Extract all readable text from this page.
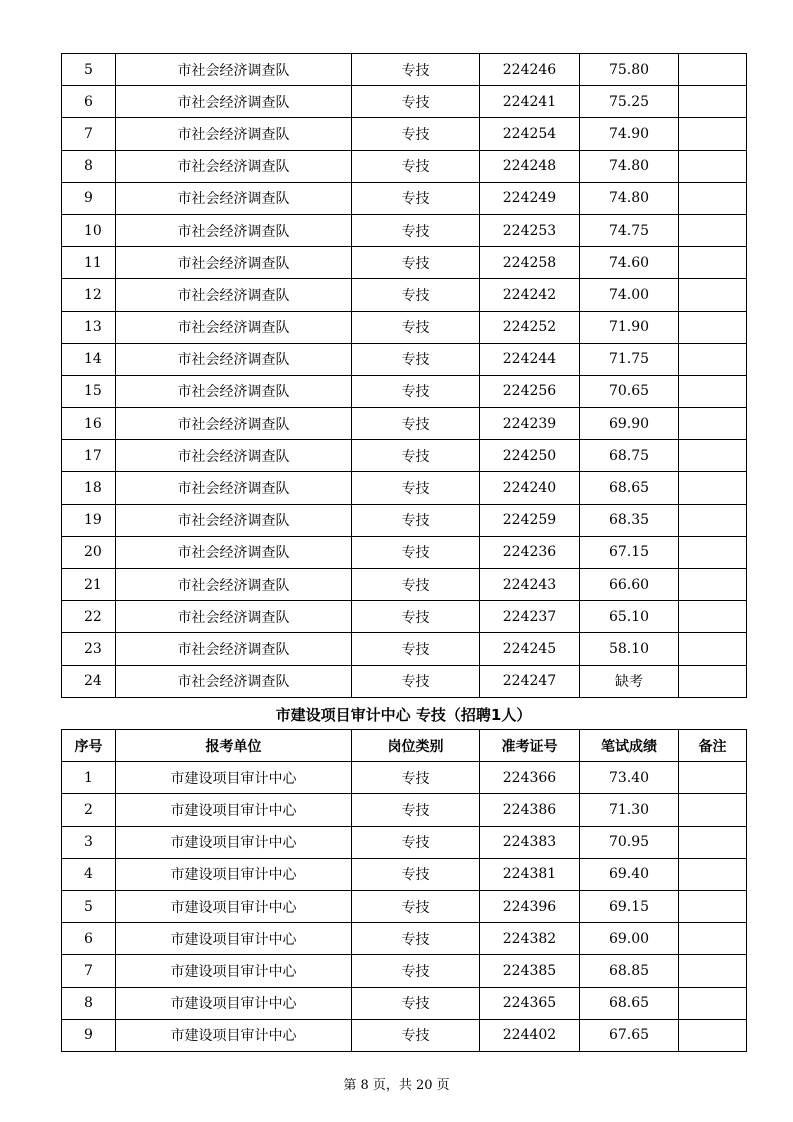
5	市社会经济调查队	专技	224246	75.80	
6	市社会经济调查队	专技	224241	75.25	
7	市社会经济调查队	专技	224254	74.90	
8	市社会经济调查队	专技	224248	74.80	
9	市社会经济调查队	专技	224249	74.80	
10	市社会经济调查队	专技	224253	74.75	
11	市社会经济调查队	专技	224258	74.60	
12	市社会经济调查队	专技	224242	74.00	
13	市社会经济调查队	专技	224252	71.90	
14	市社会经济调查队	专技	224244	71.75	
15	市社会经济调查队	专技	224256	70.65	
16	市社会经济调查队	专技	224239	69.90	
17	市社会经济调查队	专技	224250	68.75	
18	市社会经济调查队	专技	224240	68.65	
19	市社会经济调查队	专技	224259	68.35	
20	市社会经济调查队	专技	224236	67.15	
21	市社会经济调查队	专技	224243	66.60	
22	市社会经济调查队	专技	224237	65.10	
23	市社会经济调查队	专技	224245	58.10	
24	市社会经济调查队	专技	224247	缺考	
市建设项目审计中心 专技（招聘1人）
序号	报考单位	岗位类别	准考证号	笔试成绩	备注
1	市建设项目审计中心	专技	224366	73.40	
2	市建设项目审计中心	专技	224386	71.30	
3	市建设项目审计中心	专技	224383	70.95	
4	市建设项目审计中心	专技	224381	69.40	
5	市建设项目审计中心	专技	224396	69.15	
6	市建设项目审计中心	专技	224382	69.00	
7	市建设项目审计中心	专技	224385	68.85	
8	市建设项目审计中心	专技	224365	68.65	
9	市建设项目审计中心	专技	224402	67.65	
第 8 页，共 20 页
